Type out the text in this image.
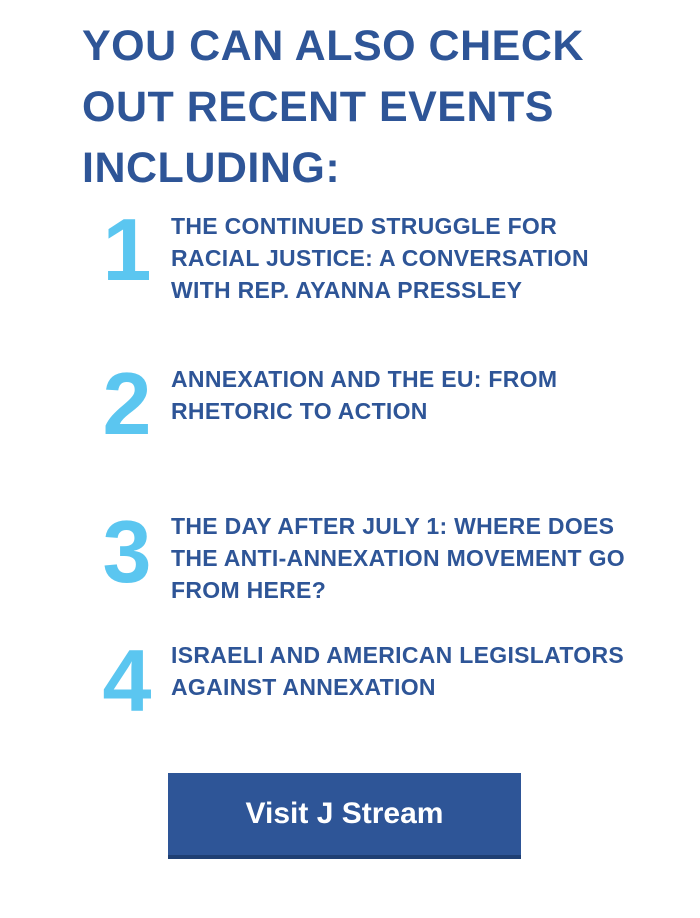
YOU CAN ALSO CHECK
OUT RECENT EVENTS
INCLUDING:
1 THE CONTINUED STRUGGLE FOR RACIAL JUSTICE: A CONVERSATION WITH REP. AYANNA PRESSLEY
2 ANNEXATION AND THE EU: FROM RHETORIC TO ACTION
3 THE DAY AFTER JULY 1: WHERE DOES THE ANTI-ANNEXATION MOVEMENT GO FROM HERE?
4 ISRAELI AND AMERICAN LEGISLATORS AGAINST ANNEXATION
Visit J Stream
